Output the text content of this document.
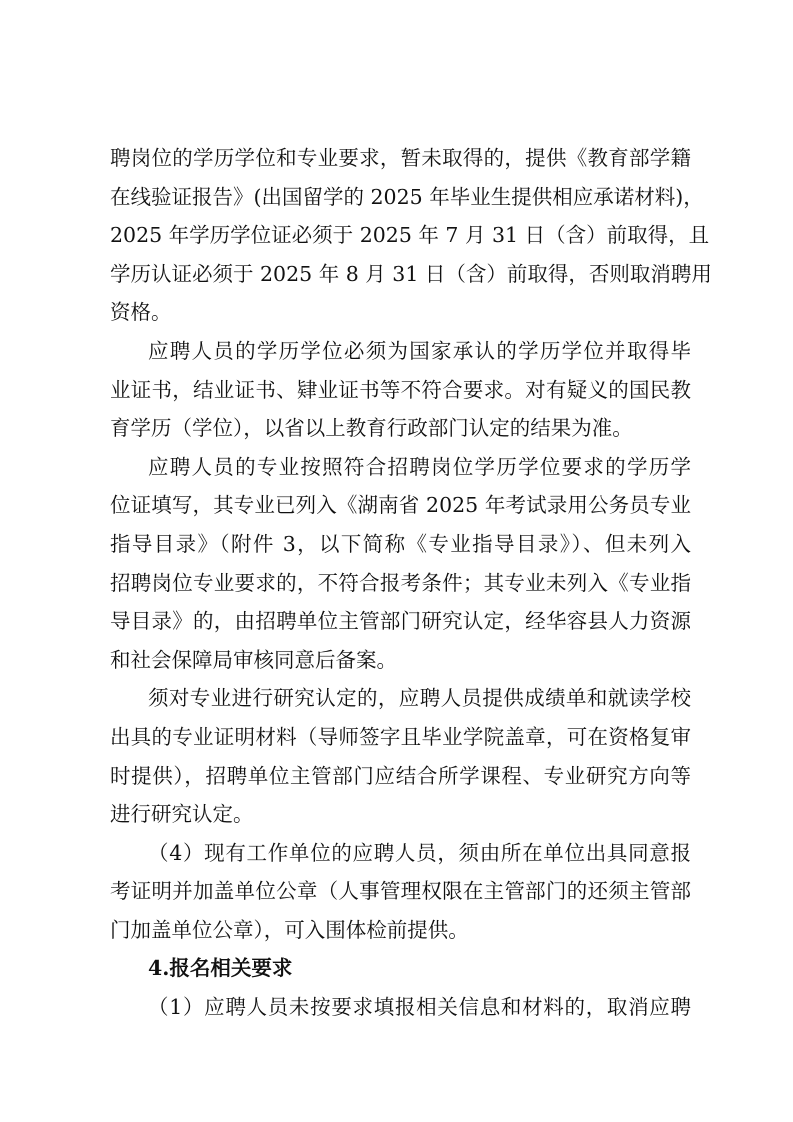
聘岗位的学历学位和专业要求，暂未取得的，提供《教育部学籍
在线验证报告》(出国留学的 2025 年毕业生提供相应承诺材料)，
2025 年学历学位证必须于 2025 年 7 月 31 日（含）前取得，且
学历认证必须于 2025 年 8 月 31 日（含）前取得，否则取消聘用
资格。
应聘人员的学历学位必须为国家承认的学历学位并取得毕
业证书，结业证书、肄业证书等不符合要求。对有疑义的国民教
育学历（学位），以省以上教育行政部门认定的结果为准。
应聘人员的专业按照符合招聘岗位学历学位要求的学历学
位证填写，其专业已列入《湖南省 2025 年考试录用公务员专业
指导目录》（附件 3，以下简称《专业指导目录》）、但未列入
招聘岗位专业要求的，不符合报考条件；其专业未列入《专业指
导目录》的，由招聘单位主管部门研究认定，经华容县人力资源
和社会保障局审核同意后备案。
须对专业进行研究认定的，应聘人员提供成绩单和就读学校
出具的专业证明材料（导师签字且毕业学院盖章，可在资格复审
时提供），招聘单位主管部门应结合所学课程、专业研究方向等
进行研究认定。
（4）现有工作单位的应聘人员，须由所在单位出具同意报
考证明并加盖单位公章（人事管理权限在主管部门的还须主管部
门加盖单位公章），可入围体检前提供。
4.报名相关要求
（1）应聘人员未按要求填报相关信息和材料的，取消应聘
